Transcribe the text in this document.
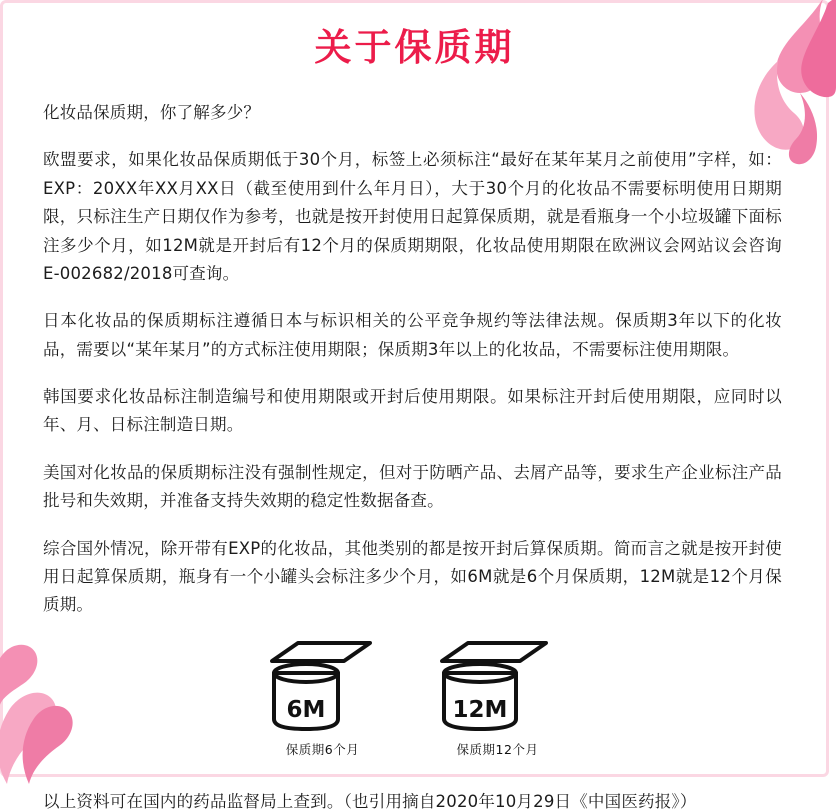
关于保质期

化妆品保质期，你了解多少？

欧盟要求，如果化妆品保质期低于30个月，标签上必须标注“最好在某年某月之前使用”字样，如：EXP：20XX年XX月XX日（截至使用到什么年月日），大于30个月的化妆品不需要标明使用日期期限，只标注生产日期仅作为参考，也就是按开封使用日起算保质期，就是看瓶身一个小垃圾罐下面标注多少个月，如12M就是开封后有12个月的保质期期限，化妆品使用期限在欧洲议会网站议会咨询E-002682/2018可查询。

日本化妆品的保质期标注遵循日本与标识相关的公平竞争规约等法律法规。保质期3年以下的化妆品，需要以“某年某月”的方式标注使用期限；保质期3年以上的化妆品，不需要标注使用期限。

韩国要求化妆品标注制造编号和使用期限或开封后使用期限。如果标注开封后使用期限，应同时以年、月、日标注制造日期。

美国对化妆品的保质期标注没有强制性规定，但对于防晒产品、去屑产品等，要求生产企业标注产品批号和失效期，并准备支持失效期的稳定性数据备查。

综合国外情况，除开带有EXP的化妆品，其他类别的都是按开封后算保质期。简而言之就是按开封使用日起算保质期，瓶身有一个小罐头会标注多少个月，如6M就是6个月保质期，12M就是12个月保质期。

6M
保质期6个月
12M
保质期12个月
以上资料可在国内的药品监督局上查到。（也引用摘自2020年10月29日《中国医药报》）
